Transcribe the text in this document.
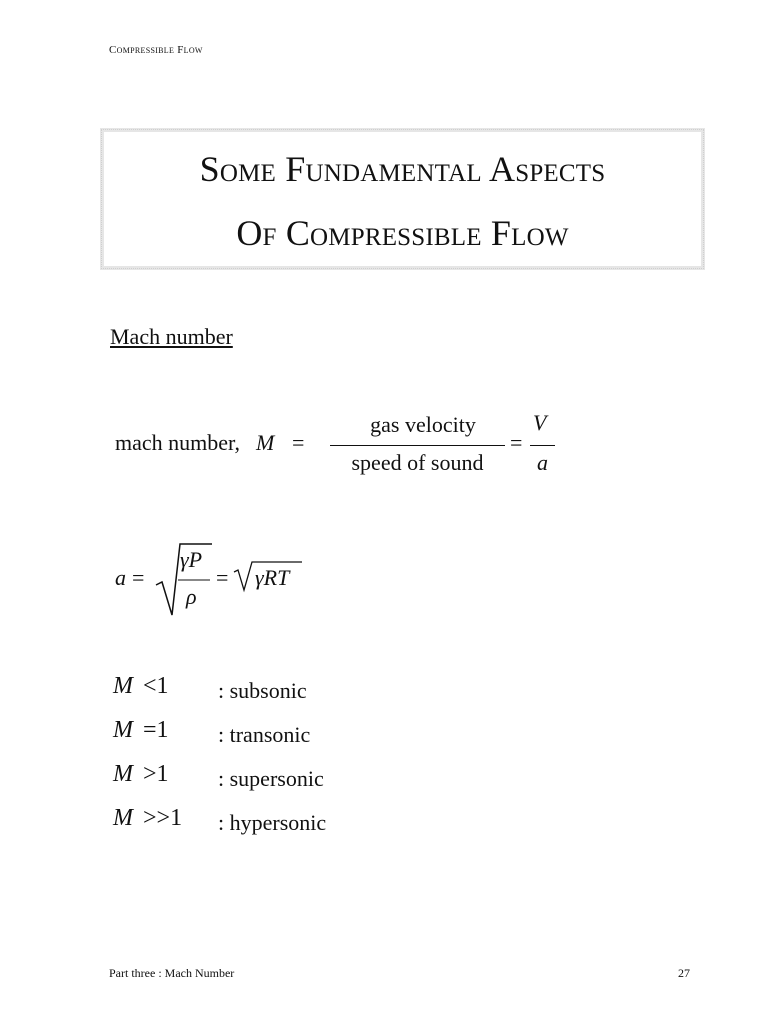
Compressible Flow
Some Fundamental Aspects
Of Compressible Flow
Mach number
mach number, M =
gas velocity
speed of sound
=
V
a
a =
γP
ρ
= γRT
M <1 : subsonic
M =1 : transonic
M >1 : supersonic
M >>1 : hypersonic
Part three : Mach Number	27
